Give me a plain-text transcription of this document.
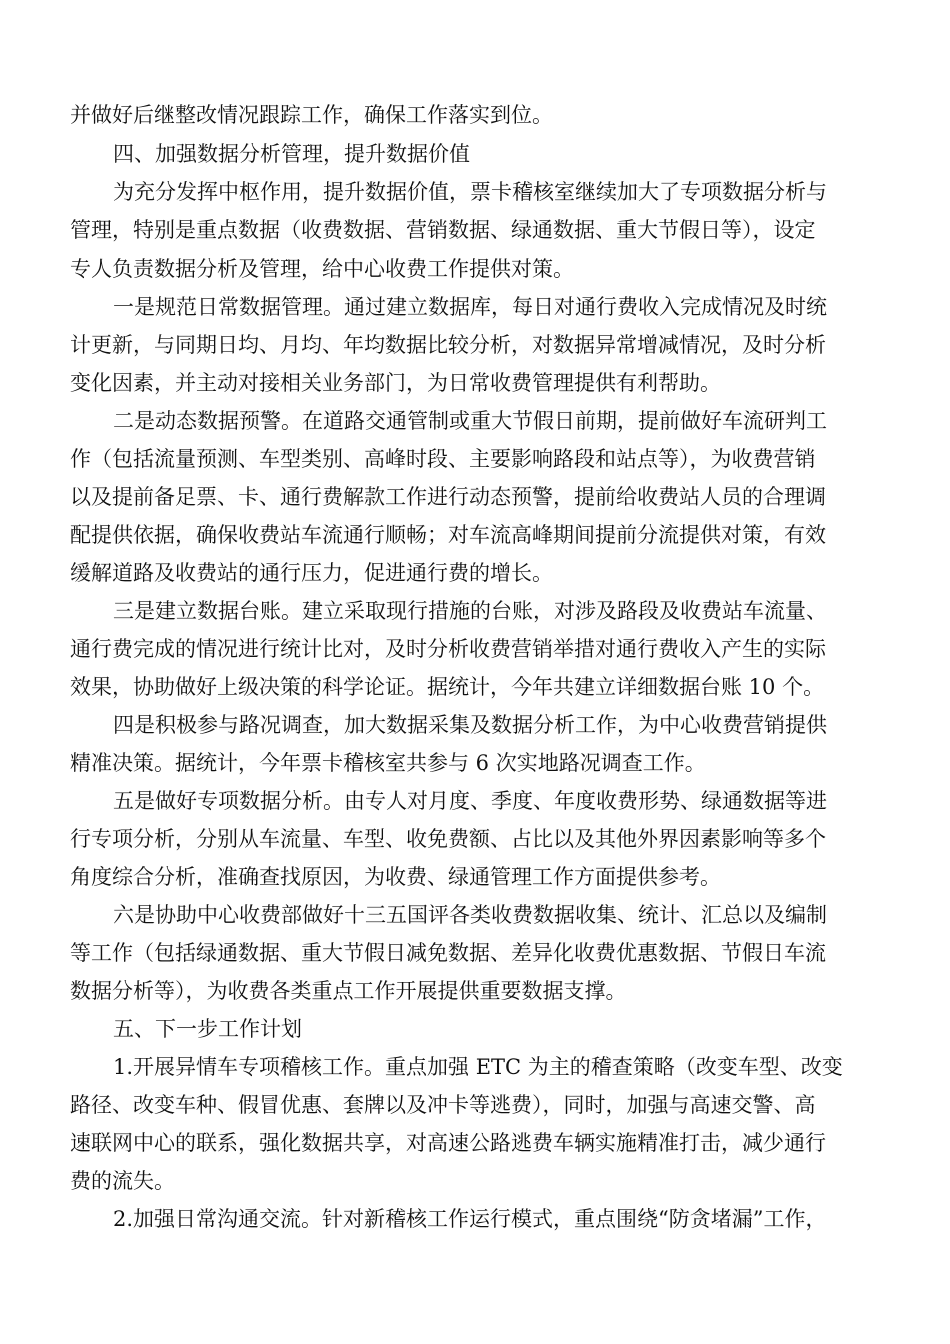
并做好后继整改情况跟踪工作，确保工作落实到位。
四、加强数据分析管理，提升数据价值
为充分发挥中枢作用，提升数据价值，票卡稽核室继续加大了专项数据分析与
管理，特别是重点数据（收费数据、营销数据、绿通数据、重大节假日等），设定
专人负责数据分析及管理，给中心收费工作提供对策。
一是规范日常数据管理。通过建立数据库，每日对通行费收入完成情况及时统
计更新，与同期日均、月均、年均数据比较分析，对数据异常增减情况，及时分析
变化因素，并主动对接相关业务部门，为日常收费管理提供有利帮助。
二是动态数据预警。在道路交通管制或重大节假日前期，提前做好车流研判工
作（包括流量预测、车型类别、高峰时段、主要影响路段和站点等），为收费营销
以及提前备足票、卡、通行费解款工作进行动态预警，提前给收费站人员的合理调
配提供依据，确保收费站车流通行顺畅；对车流高峰期间提前分流提供对策，有效
缓解道路及收费站的通行压力，促进通行费的增长。
三是建立数据台账。建立采取现行措施的台账，对涉及路段及收费站车流量、
通行费完成的情况进行统计比对，及时分析收费营销举措对通行费收入产生的实际
效果，协助做好上级决策的科学论证。据统计，今年共建立详细数据台账 10 个。
四是积极参与路况调查，加大数据采集及数据分析工作，为中心收费营销提供
精准决策。据统计，今年票卡稽核室共参与 6 次实地路况调查工作。
五是做好专项数据分析。由专人对月度、季度、年度收费形势、绿通数据等进
行专项分析，分别从车流量、车型、收免费额、占比以及其他外界因素影响等多个
角度综合分析，准确查找原因，为收费、绿通管理工作方面提供参考。
六是协助中心收费部做好十三五国评各类收费数据收集、统计、汇总以及编制
等工作（包括绿通数据、重大节假日减免数据、差异化收费优惠数据、节假日车流
数据分析等），为收费各类重点工作开展提供重要数据支撑。
五、下一步工作计划
1.开展异情车专项稽核工作。重点加强 ETC 为主的稽查策略（改变车型、改变
路径、改变车种、假冒优惠、套牌以及冲卡等逃费），同时，加强与高速交警、高
速联网中心的联系，强化数据共享，对高速公路逃费车辆实施精准打击，减少通行
费的流失。
2.加强日常沟通交流。针对新稽核工作运行模式，重点围绕“防贪堵漏”工作，
